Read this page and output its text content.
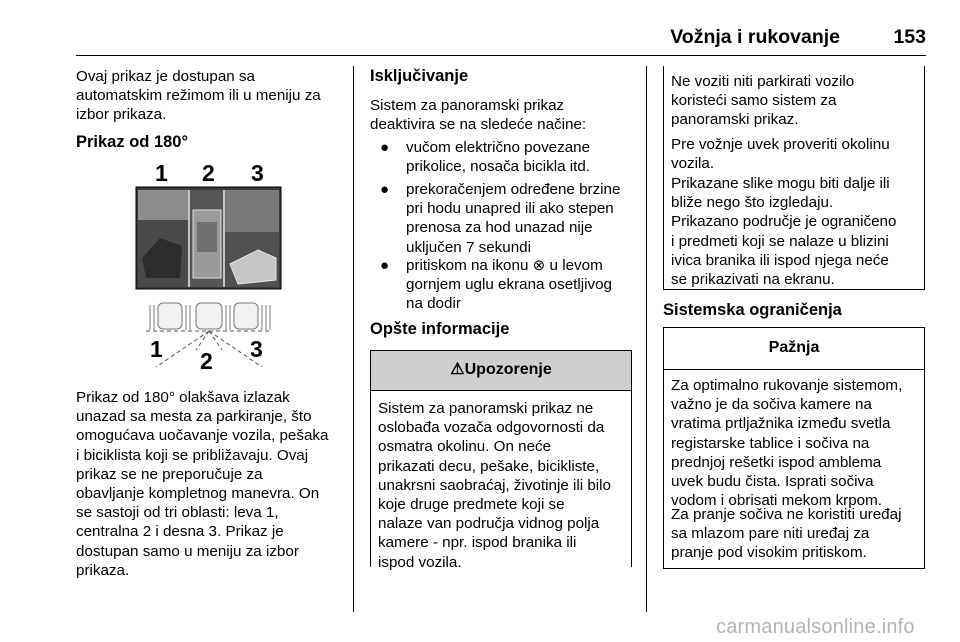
Vožnja i rukovanje	153
Ovaj prikaz je dostupan sa
automatskim režimom ili u meniju za
izbor prikaza.
Prikaz od 180°
1 2 3
1 2 3
Prikaz od 180° olakšava izlazak
unazad sa mesta za parkiranje, što
omogućava uočavanje vozila, pešaka
i biciklista koji se približavaju. Ovaj
prikaz se ne preporučuje za
obavljanje kompletnog manevra. On
se sastoji od tri oblasti: leva 1,
centralna 2 i desna 3. Prikaz je
dostupan samo u meniju za izbor
prikaza.
Isključivanje
Sistem za panoramski prikaz
deaktivira se na sledeće načine:
● vučom električno povezane
prikolice, nosača bicikla itd.
● prekoračenjem određene brzine
pri hodu unapred ili ako stepen
prenosa za hod unazad nije
uključen 7 sekundi
● pritiskom na ikonu ⊗ u levom
gornjem uglu ekrana osetljivog
na dodir
Opšte informacije
⚠Upozorenje
Sistem za panoramski prikaz ne
oslobađa vozača odgovornosti da
osmatra okolinu. On neće
prikazati decu, pešake, bicikliste,
unakrsni saobraćaj, životinje ili bilo
koje druge predmete koji se
nalaze van područja vidnog polja
kamere - npr. ispod branika ili
ispod vozila.
Ne voziti niti parkirati vozilo
koristeći samo sistem za
panoramski prikaz.
Pre vožnje uvek proveriti okolinu
vozila.
Prikazane slike mogu biti dalje ili
bliže nego što izgledaju.
Prikazano područje je ograničeno
i predmeti koji se nalaze u blizini
ivica branika ili ispod njega neće
se prikazivati na ekranu.
Sistemska ograničenja
Pažnja
Za optimalno rukovanje sistemom,
važno je da sočiva kamere na
vratima prtljažnika između svetla
registarske tablice i sočiva na
prednjoj rešetki ispod amblema
uvek budu čista. Isprati sočiva
vodom i obrisati mekom krpom.
Za pranje sočiva ne koristiti uređaj
sa mlazom pare niti uređaj za
pranje pod visokim pritiskom.
carmanualsonline.info
